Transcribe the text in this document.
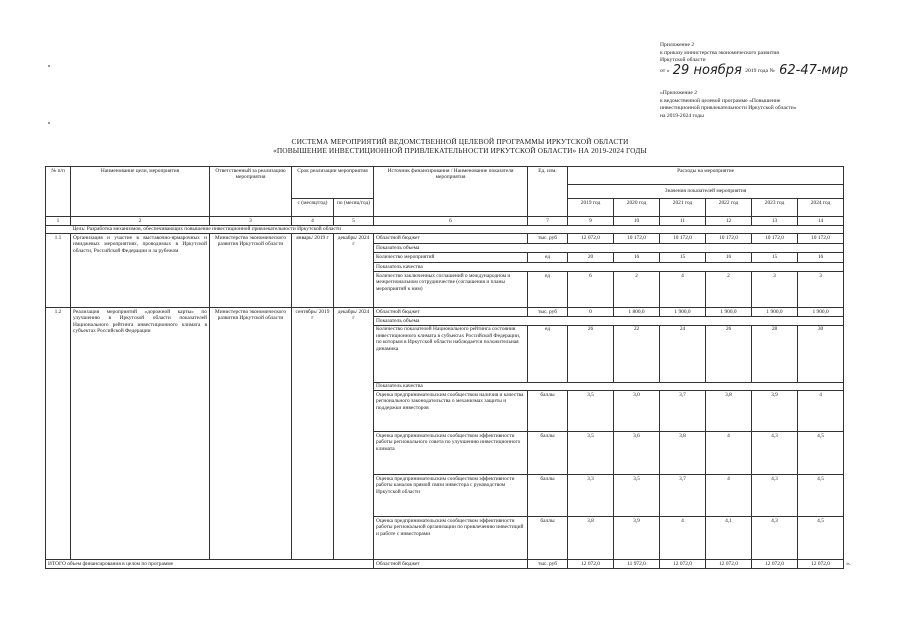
Приложение 2
к приказу министерства экономического развития
Иркутской области
от « 29 ноября 2019 года № 62-47-мир
«Приложение 2
к ведомственной целевой программе «Повышение
инвестиционной привлекательности Иркутской области»
на 2019-2024 годы
СИСТЕМА МЕРОПРИЯТИЙ ВЕДОМСТВЕННОЙ ЦЕЛЕВОЙ ПРОГРАММЫ ИРКУТСКОЙ ОБЛАСТИ
«ПОВЫШЕНИЕ ИНВЕСТИЦИОННОЙ ПРИВЛЕКАТЕЛЬНОСТИ ИРКУТСКОЙ ОБЛАСТИ» НА 2019-2024 ГОДЫ
№ п/п	Наименование цели, мероприятия	Ответственный за реализацию мероприятия	Срок реализации мероприятия		Источник финансирования / Наименование показателя мероприятия	Ед. изм.	Расходы на мероприятие					
							Значения показателей мероприятия					
			с (месяц/год)	по (месяц/год)			2019 год	2020 год	2021 год	2022 год	2023 год	2024 год
1	2	3	4	5	6	7	9	10	11	12	13	14
	Цель: Разработка механизмов, обеспечивающих повышение инвестиционной привлекательности Иркутской области											
1.1	Организация и участие в выставочно-ярмарочных и имиджевых мероприятиях, проводимых в Иркутской области, Российской Федерации и за рубежом	Министерство экономического развития Иркутской области	январь/ 2019 г	декабрь/ 2024 г	Областной бюджет	тыс. руб	12 072,0	10 172,0	10 172,0	10 172,0	10 172,0	10 172,0
					Показатель объема							
					Количество мероприятий	ед	20	16	15	16	15	16
					Показатель качества							
					Количество заключенных соглашений о международном и межрегиональном сотрудничестве (соглашения и планы мероприятий к ним)	ед	6	2	4	2	3	3
1.2	Реализация мероприятий «дорожной карты» по улучшению в Иркутской области показателей Национального рейтинга инвестиционного климата в субъектах Российской Федерации	Министерство экономического развития Иркутской области	сентябрь/ 2019 г	декабрь/ 2024 г	Областной бюджет	тыс. руб	0	1 800,0	1 900,0	1 900,0	1 900,0	1 900,0
					Показатель объема							
					Количество показателей Национального рейтинга состояния инвестиционного климата в субъектах Российской Федерации, по которым в Иркутской области наблюдается положительная динамика	ед	26	22	24	26	28	30
					Показатель качества							
					Оценка предпринимательским сообществом наличия и качества регионального законодательства о механизмах защиты и поддержки инвесторов	баллы	3,5	3,0	3,7	3,8	3,9	4
					Оценка предпринимательским сообществом эффективности работы регионального совета по улучшению инвестиционного климата	баллы	3,5	3,6	3,8	4	4,3	4,5
					Оценка предпринимательским сообществом эффективности работы каналов прямой связи инвестора с руководством Иркутской области	баллы	3,3	3,5	3,7	4	4,3	4,5
					Оценка предпринимательским сообществом эффективности работы региональной организации по привлечению инвестиций и работе с инвесторами	баллы	3,8	3,9	4	4,1	4,3	4,5
ИТОГО объем финансирования в целом по программе					Областной бюджет	тыс. руб	12 072,0	11 972,0	12 072,0	12 072,0	12 072,0	12 072,0	».
